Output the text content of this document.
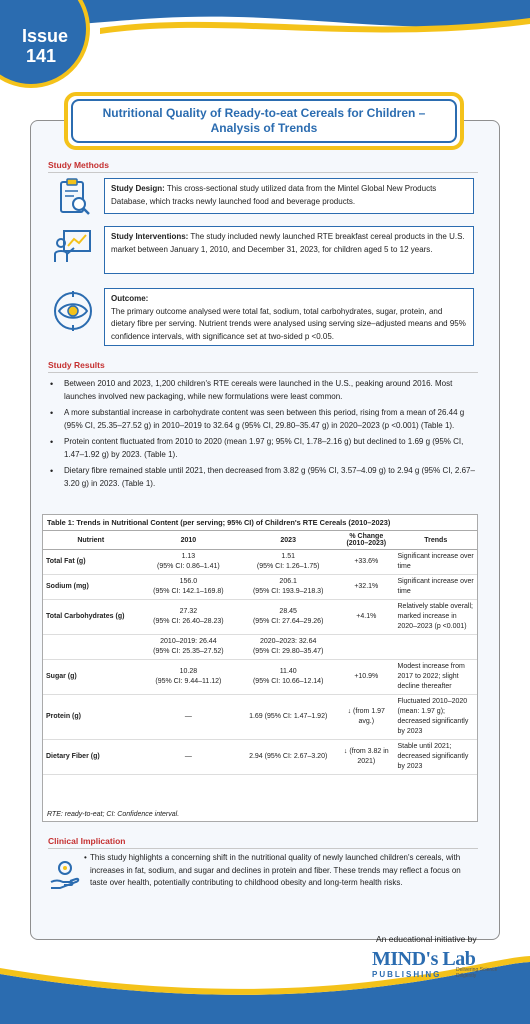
Issue
141
Nutritional Quality of Ready-to-eat Cereals for Children – Analysis of Trends
Study Methods
Study Design: This cross-sectional study utilized data from the Mintel Global New Products Database, which tracks newly launched food and beverage products.
Study Interventions: The study included newly launched RTE breakfast cereal products in the U.S. market between January 1, 2010, and December 31, 2023, for children aged 5 to 12 years.
Outcome:
The primary outcome analysed were total fat, sodium, total carbohydrates, sugar, protein, and dietary fibre per serving. Nutrient trends were analysed using serving size–adjusted means and 95% confidence intervals, with significance set at two-sided p <0.05.
Study Results
• Between 2010 and 2023, 1,200 children's RTE cereals were launched in the U.S., peaking around 2016. Most launches involved new packaging, while new formulations were least common.
• A more substantial increase in carbohydrate content was seen between this period, rising from a mean of 26.44 g (95% CI, 25.35–27.52 g) in 2010–2019 to 32.64 g (95% CI, 29.80–35.47 g) in 2020–2023 (p <0.001) (Table 1).
• Protein content fluctuated from 2010 to 2020 (mean 1.97 g; 95% CI, 1.78–2.16 g) but declined to 1.69 g (95% CI, 1.47–1.92 g) by 2023. (Table 1).
• Dietary fibre remained stable until 2021, then decreased from 3.82 g (95% CI, 3.57–4.09 g) to 2.94 g (95% CI, 2.67–3.20 g) in 2023. (Table 1).
Table 1: Trends in Nutritional Content (per serving; 95% CI) of Children's RTE Cereals (2010–2023)
Nutrient	2010	2023	% Change (2010–2023)	Trends
Total Fat (g)	1.13
(95% CI: 0.86–1.41)	1.51
(95% CI: 1.26–1.75)	+33.6%	Significant increase over time
Sodium (mg)	156.0
(95% CI: 142.1–169.8)	206.1
(95% CI: 193.9–218.3)	+32.1%	Significant increase over time
Total Carbohydrates (g)	27.32
(95% CI: 26.40–28.23)	28.45
(95% CI: 27.64–29.26)	+4.1%	Relatively stable overall; marked increase in 2020–2023 (p <0.001)
	2010–2019: 26.44
(95% CI: 25.35–27.52)	2020–2023: 32.64
(95% CI: 29.80–35.47)		
Sugar (g)	10.28
(95% CI: 9.44–11.12)	11.40
(95% CI: 10.66–12.14)	+10.9%	Modest increase from 2017 to 2022; slight decline thereafter
Protein (g)	—	1.69 (95% CI: 1.47–1.92)	↓ (from 1.97 avg.)	Fluctuated 2010–2020 (mean: 1.97 g); decreased significantly by 2023
Dietary Fiber (g)	—	2.94 (95% CI: 2.67–3.20)	↓ (from 3.82 in 2021)	Stable until 2021; decreased significantly by 2023
RTE: ready-to-eat; CI: Confidence interval.
Clinical Implication
• This study highlights a concerning shift in the nutritional quality of newly launched children's cereals, with increases in fat, sodium, and sugar and declines in protein and fiber. These trends may reflect a focus on taste over health, potentially contributing to childhood obesity and long-term health risks.
An educational initiative by
MIND's Lab
PUBLISHING	Delivering Science Diligently
